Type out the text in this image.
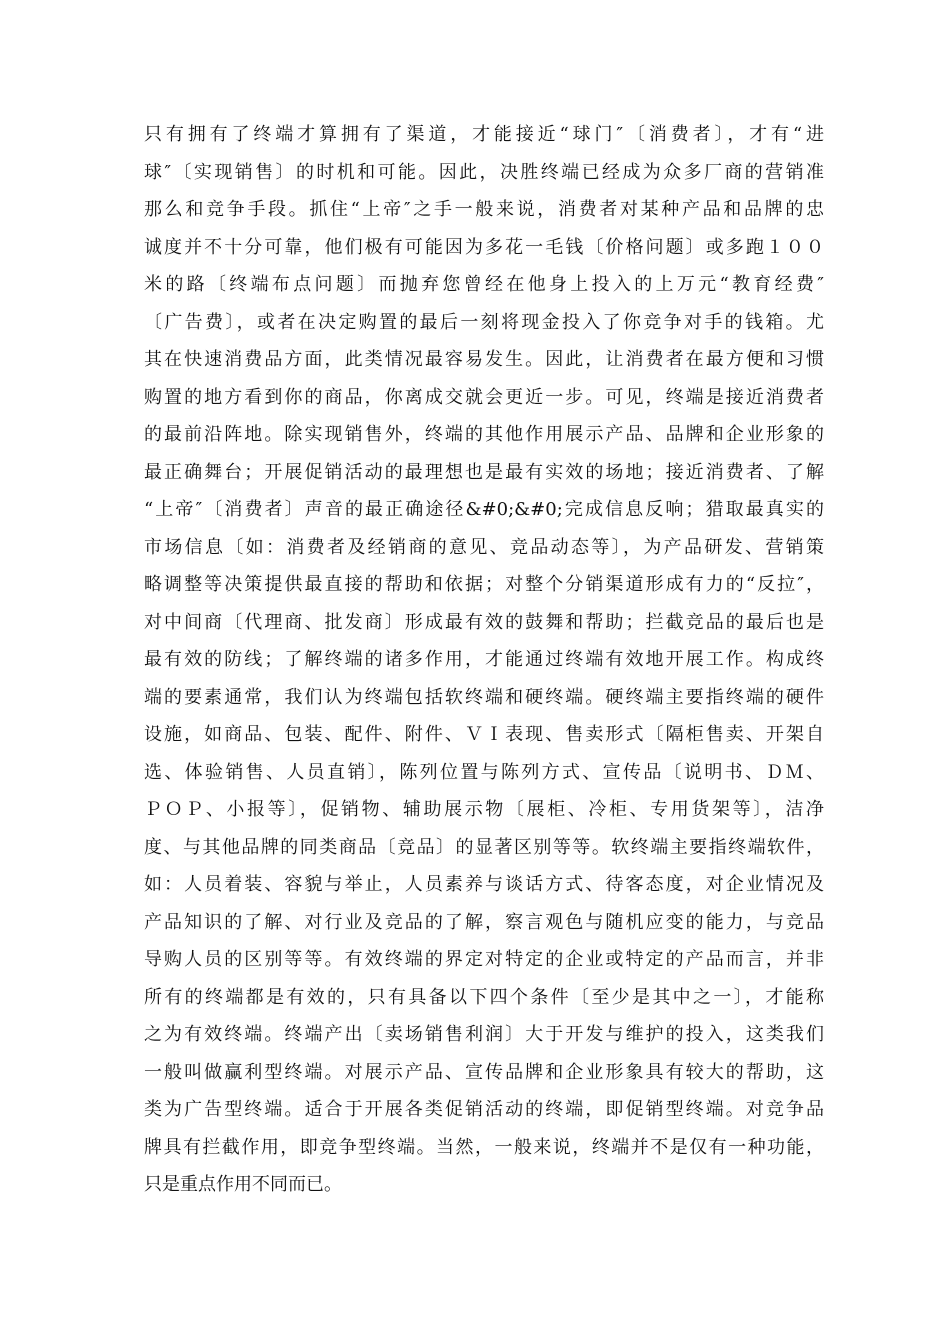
只有拥有了终端才算拥有了渠道，才能接近“球门″〔消费者〕，才有“进
球″〔实现销售〕的时机和可能。因此，决胜终端已经成为众多厂商的营销准
那么和竞争手段。抓住“上帝″之手一般来说，消费者对某种产品和品牌的忠
诚度并不十分可靠，他们极有可能因为多花一毛钱〔价格问题〕或多跑１００
米的路〔终端布点问题〕而抛弃您曾经在他身上投入的上万元“教育经费″
〔广告费〕，或者在决定购置的最后一刻将现金投入了你竞争对手的钱箱。尤
其在快速消费品方面，此类情况最容易发生。因此，让消费者在最方便和习惯
购置的地方看到你的商品，你离成交就会更近一步。可见，终端是接近消费者
的最前沿阵地。除实现销售外，终端的其他作用展示产品、品牌和企业形象的
最正确舞台；开展促销活动的最理想也是最有实效的场地；接近消费者、了解
“上帝″〔消费者〕声音的最正确途径&#0;&#0;完成信息反响；猎取最真实的
市场信息〔如：消费者及经销商的意见、竞品动态等〕，为产品研发、营销策
略调整等决策提供最直接的帮助和依据；对整个分销渠道形成有力的“反拉″，
对中间商〔代理商、批发商〕形成最有效的鼓舞和帮助；拦截竞品的最后也是
最有效的防线；了解终端的诸多作用，才能通过终端有效地开展工作。构成终
端的要素通常，我们认为终端包括软终端和硬终端。硬终端主要指终端的硬件
设施，如商品、包装、配件、附件、ＶＩ表现、售卖形式〔隔柜售卖、开架自
选、体验销售、人员直销〕，陈列位置与陈列方式、宣传品〔说明书、ＤＭ、
ＰＯＰ、小报等〕，促销物、辅助展示物〔展柜、冷柜、专用货架等〕，洁净
度、与其他品牌的同类商品〔竞品〕的显著区别等等。软终端主要指终端软件，
如：人员着装、容貌与举止，人员素养与谈话方式、待客态度，对企业情况及
产品知识的了解、对行业及竞品的了解，察言观色与随机应变的能力，与竞品
导购人员的区别等等。有效终端的界定对特定的企业或特定的产品而言，并非
所有的终端都是有效的，只有具备以下四个条件〔至少是其中之一〕，才能称
之为有效终端。终端产出〔卖场销售利润〕大于开发与维护的投入，这类我们
一般叫做赢利型终端。对展示产品、宣传品牌和企业形象具有较大的帮助，这
类为广告型终端。适合于开展各类促销活动的终端，即促销型终端。对竞争品
牌具有拦截作用，即竞争型终端。当然，一般来说，终端并不是仅有一种功能，
只是重点作用不同而已。
